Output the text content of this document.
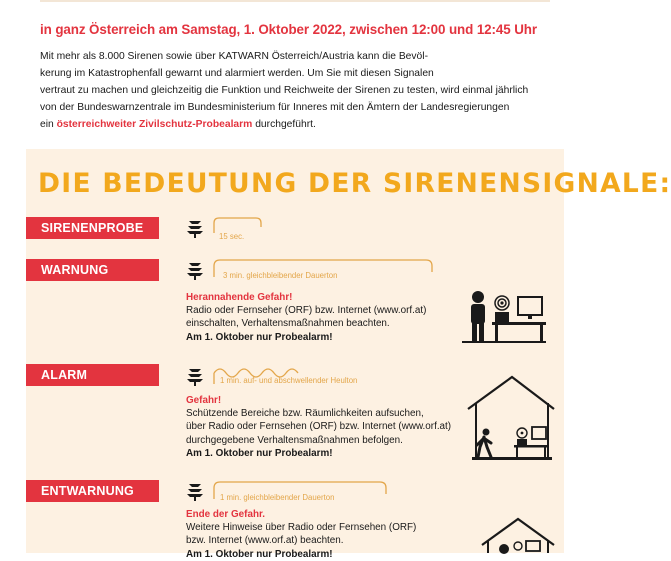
in ganz Österreich am Samstag, 1. Oktober 2022, zwischen 12:00 und 12:45 Uhr
Mit mehr als 8.000 Sirenen sowie über KATWARN Österreich/Austria kann die Bevöl-
kerung im Katastrophenfall gewarnt und alarmiert werden. Um Sie mit diesen Signalen
vertraut zu machen und gleichzeitig die Funktion und Reichweite der Sirenen zu testen, wird einmal jährlich
von der Bundeswarnzentrale im Bundesministerium für Inneres mit den Ämtern der Landesregierungen
ein österreichweiter Zivilschutz-Probealarm durchgeführt.
DIE BEDEUTUNG DER SIRENENSIGNALE:
SIRENENPROBE
15 sec.
WARNUNG	3 min. gleichbleibender Dauerton
Herannahende Gefahr!
Radio oder Fernseher (ORF) bzw. Internet (www.orf.at)
einschalten, Verhaltensmaßnahmen beachten.
Am 1. Oktober nur Probealarm!
ALARM	1 min. auf- und abschwellender Heulton
Gefahr!
Schützende Bereiche bzw. Räumlichkeiten aufsuchen,
über Radio oder Fernsehen (ORF) bzw. Internet (www.orf.at)
durchgegebene Verhaltensmaßnahmen befolgen.
Am 1. Oktober nur Probealarm!
ENTWARNUNG	1 min. gleichbleibender Dauerton
Ende der Gefahr.
Weitere Hinweise über Radio oder Fernsehen (ORF)
bzw. Internet (www.orf.at) beachten.
Am 1. Oktober nur Probealarm!
